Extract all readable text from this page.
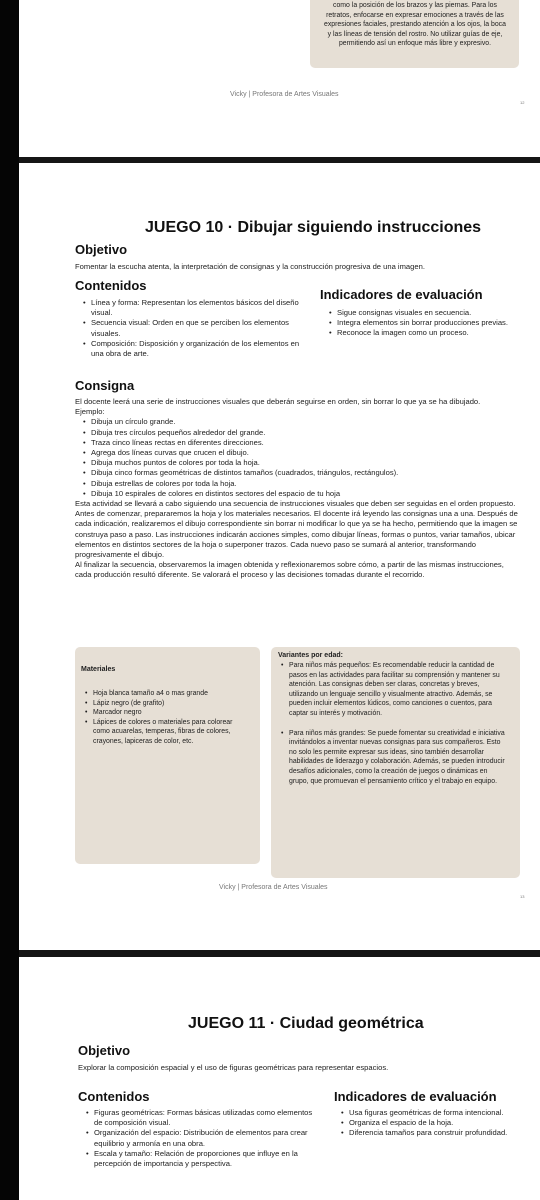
como la posición de los brazos y las piernas. Para los retratos, enfocarse en expresar emociones a través de las expresiones faciales, prestando atención a los ojos, la boca y las líneas de tensión del rostro. No utilizar guías de eje, permitiendo así un enfoque más libre y expresivo.

Vicky | Profesora de Artes Visuales
12
JUEGO 10 · Dibujar siguiendo instrucciones
Objetivo
Fomentar la escucha atenta, la interpretación de consignas y la construcción progresiva de una imagen.
Contenidos
• Línea y forma: Representan los elementos básicos del diseño visual.
• Secuencia visual: Orden en que se perciben los elementos visuales.
• Composición: Disposición y organización de los elementos en una obra de arte.
Indicadores de evaluación
• Sigue consignas visuales en secuencia.
• Integra elementos sin borrar producciones previas.
• Reconoce la imagen como un proceso.
Consigna

El docente leerá una serie de instrucciones visuales que deberán seguirse en orden, sin borrar lo que ya se ha dibujado.

Ejemplo:

• Dibuja un círculo grande.
• Dibuja tres círculos pequeños alrededor del grande.
• Traza cinco líneas rectas en diferentes direcciones.
• Agrega dos líneas curvas que crucen el dibujo.
• Dibuja muchos puntos de colores por toda la hoja.
• Dibuja cinco formas geométricas de distintos tamaños (cuadrados, triángulos, rectángulos).
• Dibuja estrellas de colores por toda la hoja.
• Dibuja 10 espirales de colores en distintos sectores del espacio de tu hoja

Esta actividad se llevará a cabo siguiendo una secuencia de instrucciones visuales que deben ser seguidas en el orden propuesto. Antes de comenzar, prepararemos la hoja y los materiales necesarios. El docente irá leyendo las consignas una a una. Después de cada indicación, realizaremos el dibujo correspondiente sin borrar ni modificar lo que ya se ha hecho, permitiendo que la imagen se construya paso a paso. Las instrucciones indicarán acciones simples, como dibujar líneas, formas o puntos, variar tamaños, ubicar elementos en distintos sectores de la hoja o superponer trazos. Cada nuevo paso se sumará al anterior, transformando progresivamente el dibujo.

Al finalizar la secuencia, observaremos la imagen obtenida y reflexionaremos sobre cómo, a partir de las mismas instrucciones, cada producción resultó diferente. Se valorará el proceso y las decisiones tomadas durante el recorrido.

Materiales
• Hoja blanca tamaño a4 o mas grande
• Lápiz negro (de grafito)
• Marcador negro
• Lápices de colores o materiales para colorear como acuarelas, temperas, fibras de colores, crayones, lapiceras de color, etc.
Variantes por edad:
• Para niños más pequeños: Es recomendable reducir la cantidad de pasos en las actividades para facilitar su comprensión y mantener su atención. Las consignas deben ser claras, concretas y breves, utilizando un lenguaje sencillo y visualmente atractivo. Además, se pueden incluir elementos lúdicos, como canciones o cuentos, para captar su interés y motivación.
• Para niños más grandes: Se puede fomentar su creatividad e iniciativa invitándolos a inventar nuevas consignas para sus compañeros. Esto no solo les permite expresar sus ideas, sino también desarrollar habilidades de liderazgo y colaboración. Además, se pueden introducir desafíos adicionales, como la creación de juegos o dinámicas en grupo, que promuevan el pensamiento crítico y el trabajo en equipo.
Vicky | Profesora de Artes Visuales
13
JUEGO 11 · Ciudad geométrica
Objetivo
Explorar la composición espacial y el uso de figuras geométricas para representar espacios.
Contenidos
• Figuras geométricas: Formas básicas utilizadas como elementos de composición visual.
• Organización del espacio: Distribución de elementos para crear equilibrio y armonía en una obra.
• Escala y tamaño: Relación de proporciones que influye en la percepción de importancia y perspectiva.
Indicadores de evaluación
• Usa figuras geométricas de forma intencional.
• Organiza el espacio de la hoja.
• Diferencia tamaños para construir profundidad.
